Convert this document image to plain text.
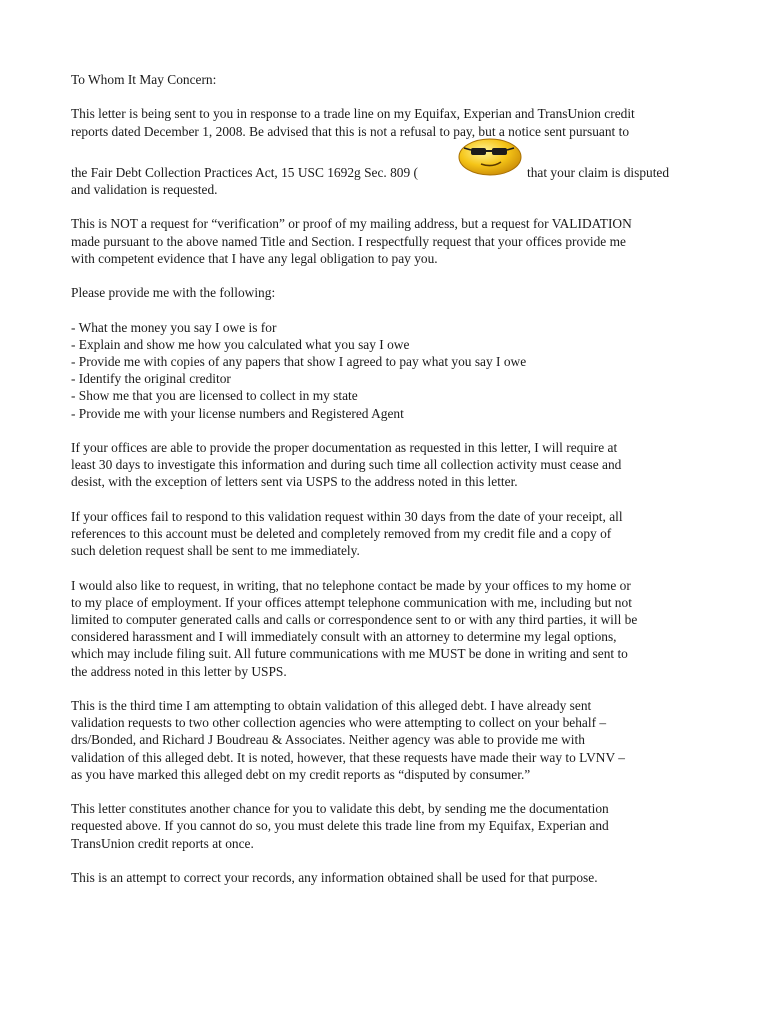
To Whom It May Concern:

This letter is being sent to you in response to a trade line on my Equifax, Experian and TransUnion credit
reports dated December 1, 2008. Be advised that this is not a refusal to pay, but a notice sent pursuant to
the Fair Debt Collection Practices Act, 15 USC 1692g Sec. 809 (	that your claim is disputed
and validation is requested.
This is NOT a request for “verification” or proof of my mailing address, but a request for VALIDATION
made pursuant to the above named Title and Section. I respectfully request that your offices provide me
with competent evidence that I have any legal obligation to pay you.

Please provide me with the following:

- What the money you say I owe is for
- Explain and show me how you calculated what you say I owe
- Provide me with copies of any papers that show I agreed to pay what you say I owe
- Identify the original creditor
- Show me that you are licensed to collect in my state
- Provide me with your license numbers and Registered Agent
If your offices are able to provide the proper documentation as requested in this letter, I will require at
least 30 days to investigate this information and during such time all collection activity must cease and
desist, with the exception of letters sent via USPS to the address noted in this letter.
If your offices fail to respond to this validation request within 30 days from the date of your receipt, all
references to this account must be deleted and completely removed from my credit file and a copy of
such deletion request shall be sent to me immediately.
I would also like to request, in writing, that no telephone contact be made by your offices to my home or
to my place of employment. If your offices attempt telephone communication with me, including but not
limited to computer generated calls and calls or correspondence sent to or with any third parties, it will be
considered harassment and I will immediately consult with an attorney to determine my legal options,
which may include filing suit. All future communications with me MUST be done in writing and sent to
the address noted in this letter by USPS.
This is the third time I am attempting to obtain validation of this alleged debt. I have already sent
validation requests to two other collection agencies who were attempting to collect on your behalf –
drs/Bonded, and Richard J Boudreau & Associates. Neither agency was able to provide me with
validation of this alleged debt. It is noted, however, that these requests have made their way to LVNV –
as you have marked this alleged debt on my credit reports as “disputed by consumer.”
This letter constitutes another chance for you to validate this debt, by sending me the documentation
requested above. If you cannot do so, you must delete this trade line from my Equifax, Experian and
TransUnion credit reports at once.

This is an attempt to correct your records, any information obtained shall be used for that purpose.
